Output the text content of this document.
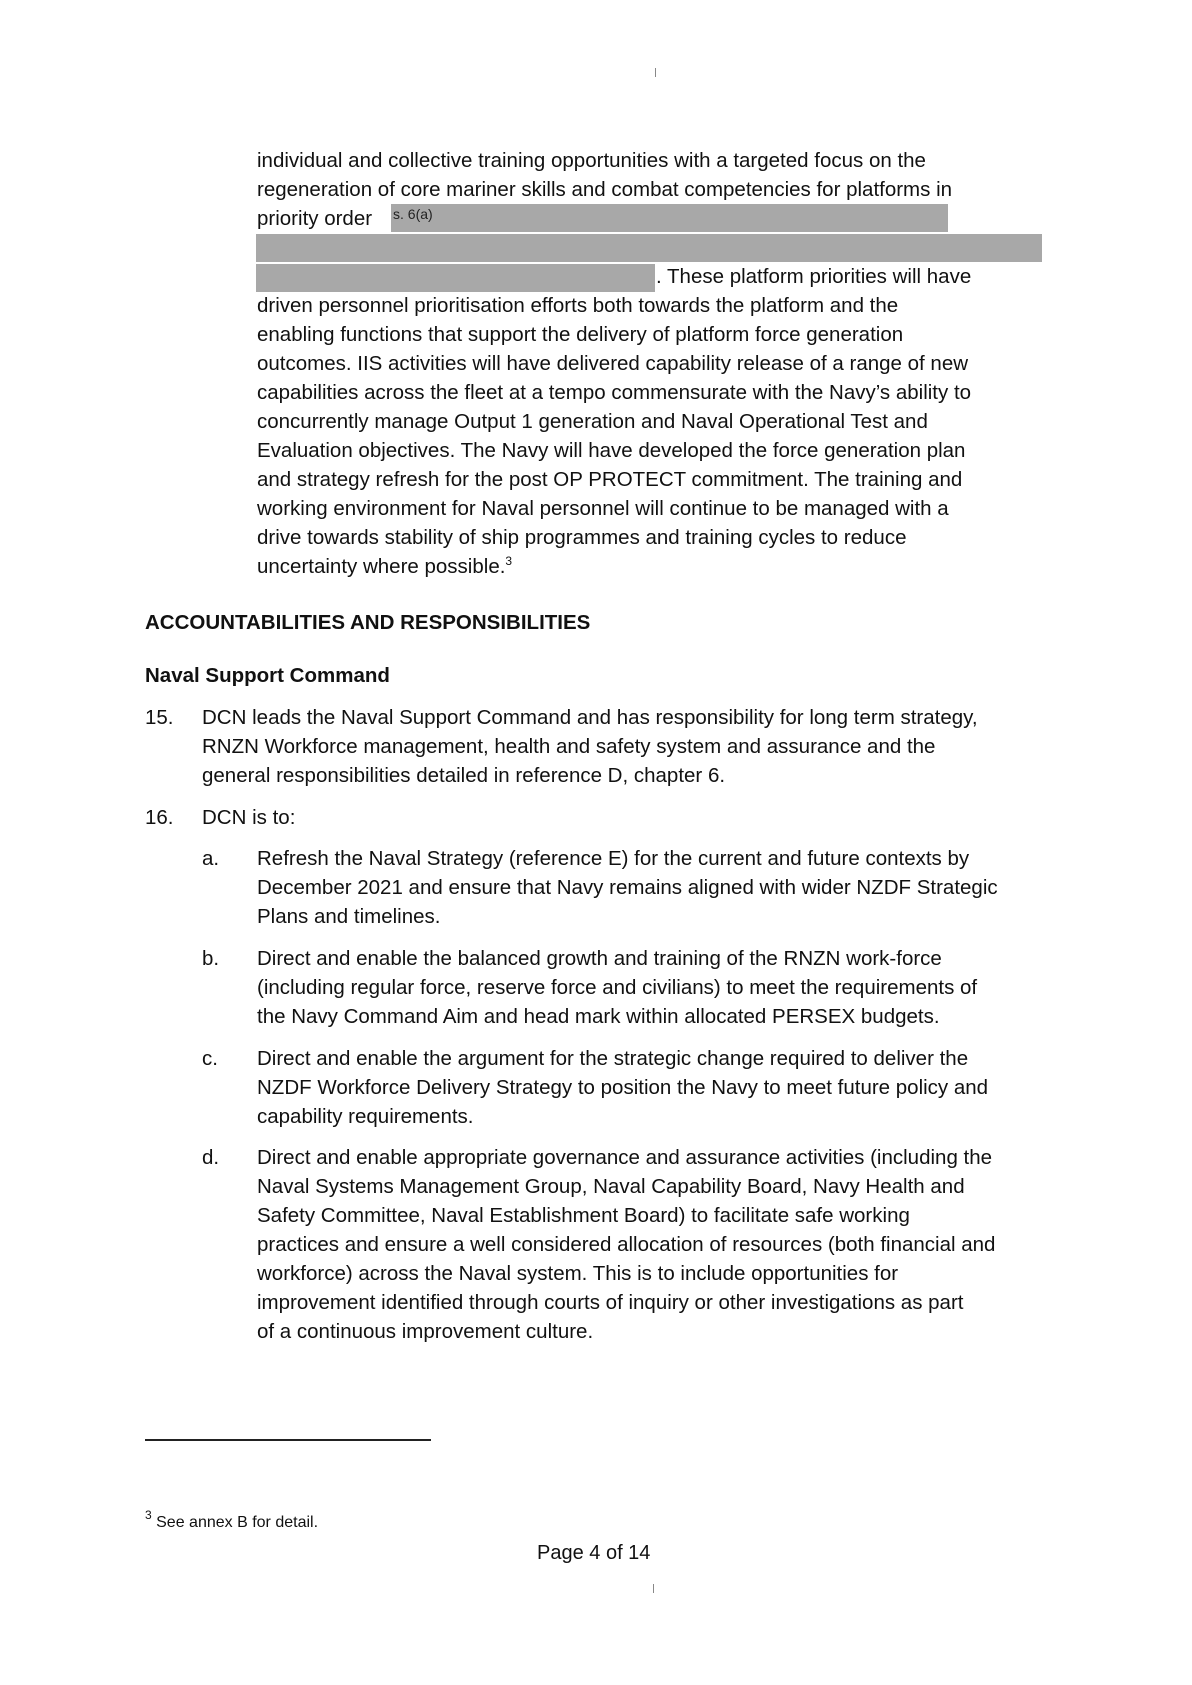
individual and collective training opportunities with a targeted focus on the
regeneration of core mariner skills and combat competencies for platforms in
priority order s. 6(a)
. These platform priorities will have
driven personnel prioritisation efforts both towards the platform and the
enabling functions that support the delivery of platform force generation
outcomes. IIS activities will have delivered capability release of a range of new
capabilities across the fleet at a tempo commensurate with the Navy’s ability to
concurrently manage Output 1 generation and Naval Operational Test and
Evaluation objectives. The Navy will have developed the force generation plan
and strategy refresh for the post OP PROTECT commitment. The training and
working environment for Naval personnel will continue to be managed with a
drive towards stability of ship programmes and training cycles to reduce
uncertainty where possible.$^3$
ACCOUNTABILITIES AND RESPONSIBILITIES
Naval Support Command
15. DCN leads the Naval Support Command and has responsibility for long term strategy,
RNZN Workforce management, health and safety system and assurance and the
general responsibilities detailed in reference D, chapter 6.
16. DCN is to:
a. Refresh the Naval Strategy (reference E) for the current and future contexts by
December 2021 and ensure that Navy remains aligned with wider NZDF Strategic
Plans and timelines.
b. Direct and enable the balanced growth and training of the RNZN work-force
(including regular force, reserve force and civilians) to meet the requirements of
the Navy Command Aim and head mark within allocated PERSEX budgets.
c. Direct and enable the argument for the strategic change required to deliver the
NZDF Workforce Delivery Strategy to position the Navy to meet future policy and
capability requirements.
d. Direct and enable appropriate governance and assurance activities (including the
Naval Systems Management Group, Naval Capability Board, Navy Health and
Safety Committee, Naval Establishment Board) to facilitate safe working
practices and ensure a well considered allocation of resources (both financial and
workforce) across the Naval system. This is to include opportunities for
improvement identified through courts of inquiry or other investigations as part
of a continuous improvement culture.
$^3$ See annex B for detail.
Page 4 of 14
